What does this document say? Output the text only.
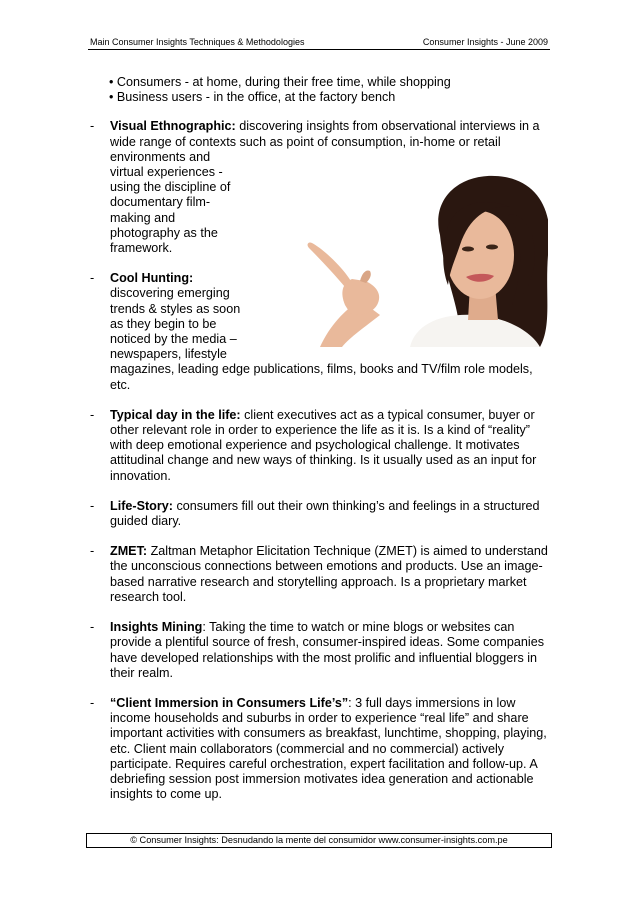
Main Consumer Insights Techniques & Methodologies	Consumer Insights - June 2009
• Consumers - at home, during their free time, while shopping
• Business users - in the office, at the factory bench
- Visual Ethnographic: discovering insights from observational interviews in a wide range of contexts such as point of consumption, in-home or retail
environments and virtual experiences - using the discipline of documentary film-making and photography as the framework.
- Cool Hunting:
discovering emerging trends & styles as soon as they begin to be noticed by the media – newspapers, lifestyle
magazines, leading edge publications, films, books and TV/film role models, etc.
- Typical day in the life: client executives act as a typical consumer, buyer or other relevant role in order to experience the life as it is. Is a kind of “reality” with deep emotional experience and psychological challenge. It motivates attitudinal change and new ways of thinking. Is it usually used as an input for innovation.
- Life-Story: consumers fill out their own thinking’s and feelings in a structured guided diary.
- ZMET: Zaltman Metaphor Elicitation Technique (ZMET) is aimed to understand the unconscious connections between emotions and products. Use an image-based narrative research and storytelling approach. Is a proprietary market research tool.
- Insights Mining: Taking the time to watch or mine blogs or websites can provide a plentiful source of fresh, consumer-inspired ideas. Some companies have developed relationships with the most prolific and influential bloggers in their realm.
- “Client Immersion in Consumers Life’s”: 3 full days immersions in low income households and suburbs in order to experience “real life” and share important activities with consumers as breakfast, lunchtime, shopping, playing, etc. Client main collaborators (commercial and no commercial) actively participate. Requires careful orchestration, expert facilitation and follow-up. A debriefing session post immersion motivates idea generation and actionable insights to come up.
© Consumer Insights: Desnudando la mente del consumidor www.consumer-insights.com.pe
